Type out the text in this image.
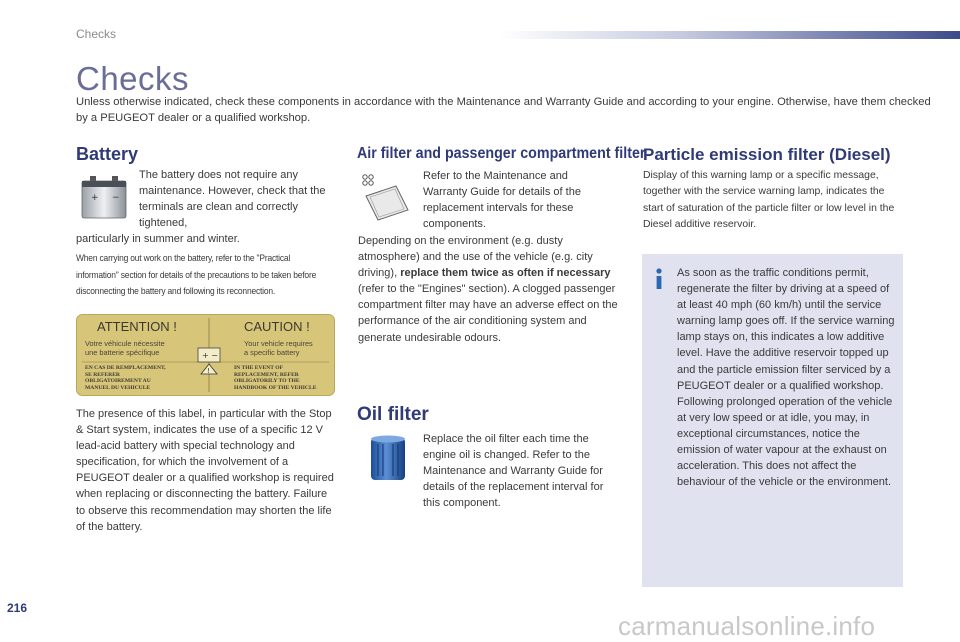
Checks
Checks
Unless otherwise indicated, check these components in accordance with the Maintenance and Warranty Guide and according to your engine. Otherwise, have them checked by a PEUGEOT dealer or a qualified workshop.
Battery
+ −
The battery does not require any maintenance. However, check that the terminals are clean and correctly tightened,
particularly in summer and winter.
When carrying out work on the battery, refer to the "Practical information" section for details of the precautions to be taken before disconnecting the battery and following its reconnection.
+ −
!
ATTENTION !	CAUTION !
Votre véhicule nécessite
une batterie spécifique
Your vehicle requires
a specific battery
EN CAS DE REMPLACEMENT,
SE REFERER
OBLIGATOIREMENT AU
MANUEL DU VEHICULE
IN THE EVENT OF
REPLACEMENT, REFER
OBLIGATORILY TO THE
HANDBOOK OF THE VEHICLE
The presence of this label, in particular with the Stop & Start system, indicates the use of a specific 12 V lead-acid battery with special technology and specification, for which the involvement of a PEUGEOT dealer or a qualified workshop is required when replacing or disconnecting the battery. Failure to observe this recommendation may shorten the life of the battery.
Air filter and passenger compartment filter
Refer to the Maintenance and Warranty Guide for details of the replacement intervals for these components.
Depending on the environment (e.g. dusty atmosphere) and the use of the vehicle (e.g. city driving), replace them twice as often if necessary (refer to the "Engines" section). A clogged passenger compartment filter may have an adverse effect on the performance of the air conditioning system and generate undesirable odours.
Oil filter
Replace the oil filter each time the engine oil is changed. Refer to the Maintenance and Warranty Guide for details of the replacement interval for this component.
Particle emission filter (Diesel)
Display of this warning lamp or a specific message, together with the service warning lamp, indicates the start of saturation of the particle filter or low level in the Diesel additive reservoir.
As soon as the traffic conditions permit, regenerate the filter by driving at a speed of at least 40 mph (60 km/h) until the service warning lamp goes off. If the service warning lamp stays on, this indicates a low additive level. Have the additive reservoir topped up and the particle emission filter serviced by a PEUGEOT dealer or a qualified workshop. Following prolonged operation of the vehicle at very low speed or at idle, you may, in exceptional circumstances, notice the emission of water vapour at the exhaust on acceleration. This does not affect the behaviour of the vehicle or the environment.
216
carmanualsonline.info
